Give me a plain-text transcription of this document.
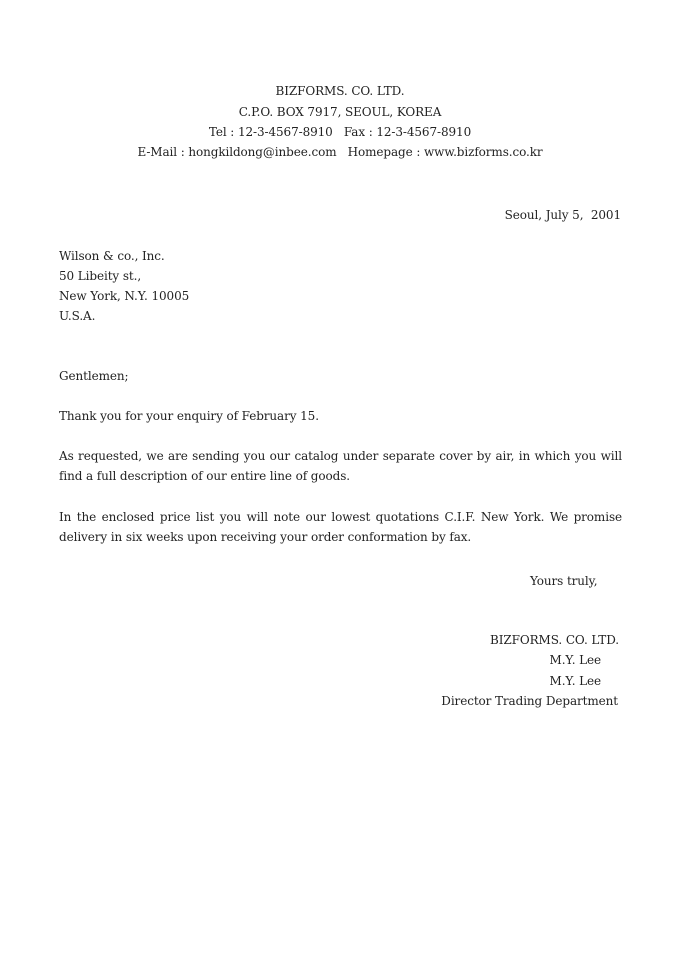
BIZFORMS. CO. LTD.
C.P.O. BOX 7917, SEOUL, KOREA
Tel : 12-3-4567-8910   Fax : 12-3-4567-8910
E-Mail : hongkildong@inbee.com   Homepage : www.bizforms.co.kr
Seoul, July 5,  2001
Wilson & co., Inc.
50 Libeity st.,
New York, N.Y. 10005
U.S.A.
Gentlemen;
Thank you for your enquiry of February 15.
As requested, we are sending you our catalog under separate cover by air, in which you will
find a full description of our entire line of goods.
In the enclosed price list you will note our lowest quotations C.I.F. New York. We promise
delivery in six weeks upon receiving your order conformation by fax.
Yours truly,
BIZFORMS. CO. LTD.
M.Y. Lee
M.Y. Lee
Director Trading Department
